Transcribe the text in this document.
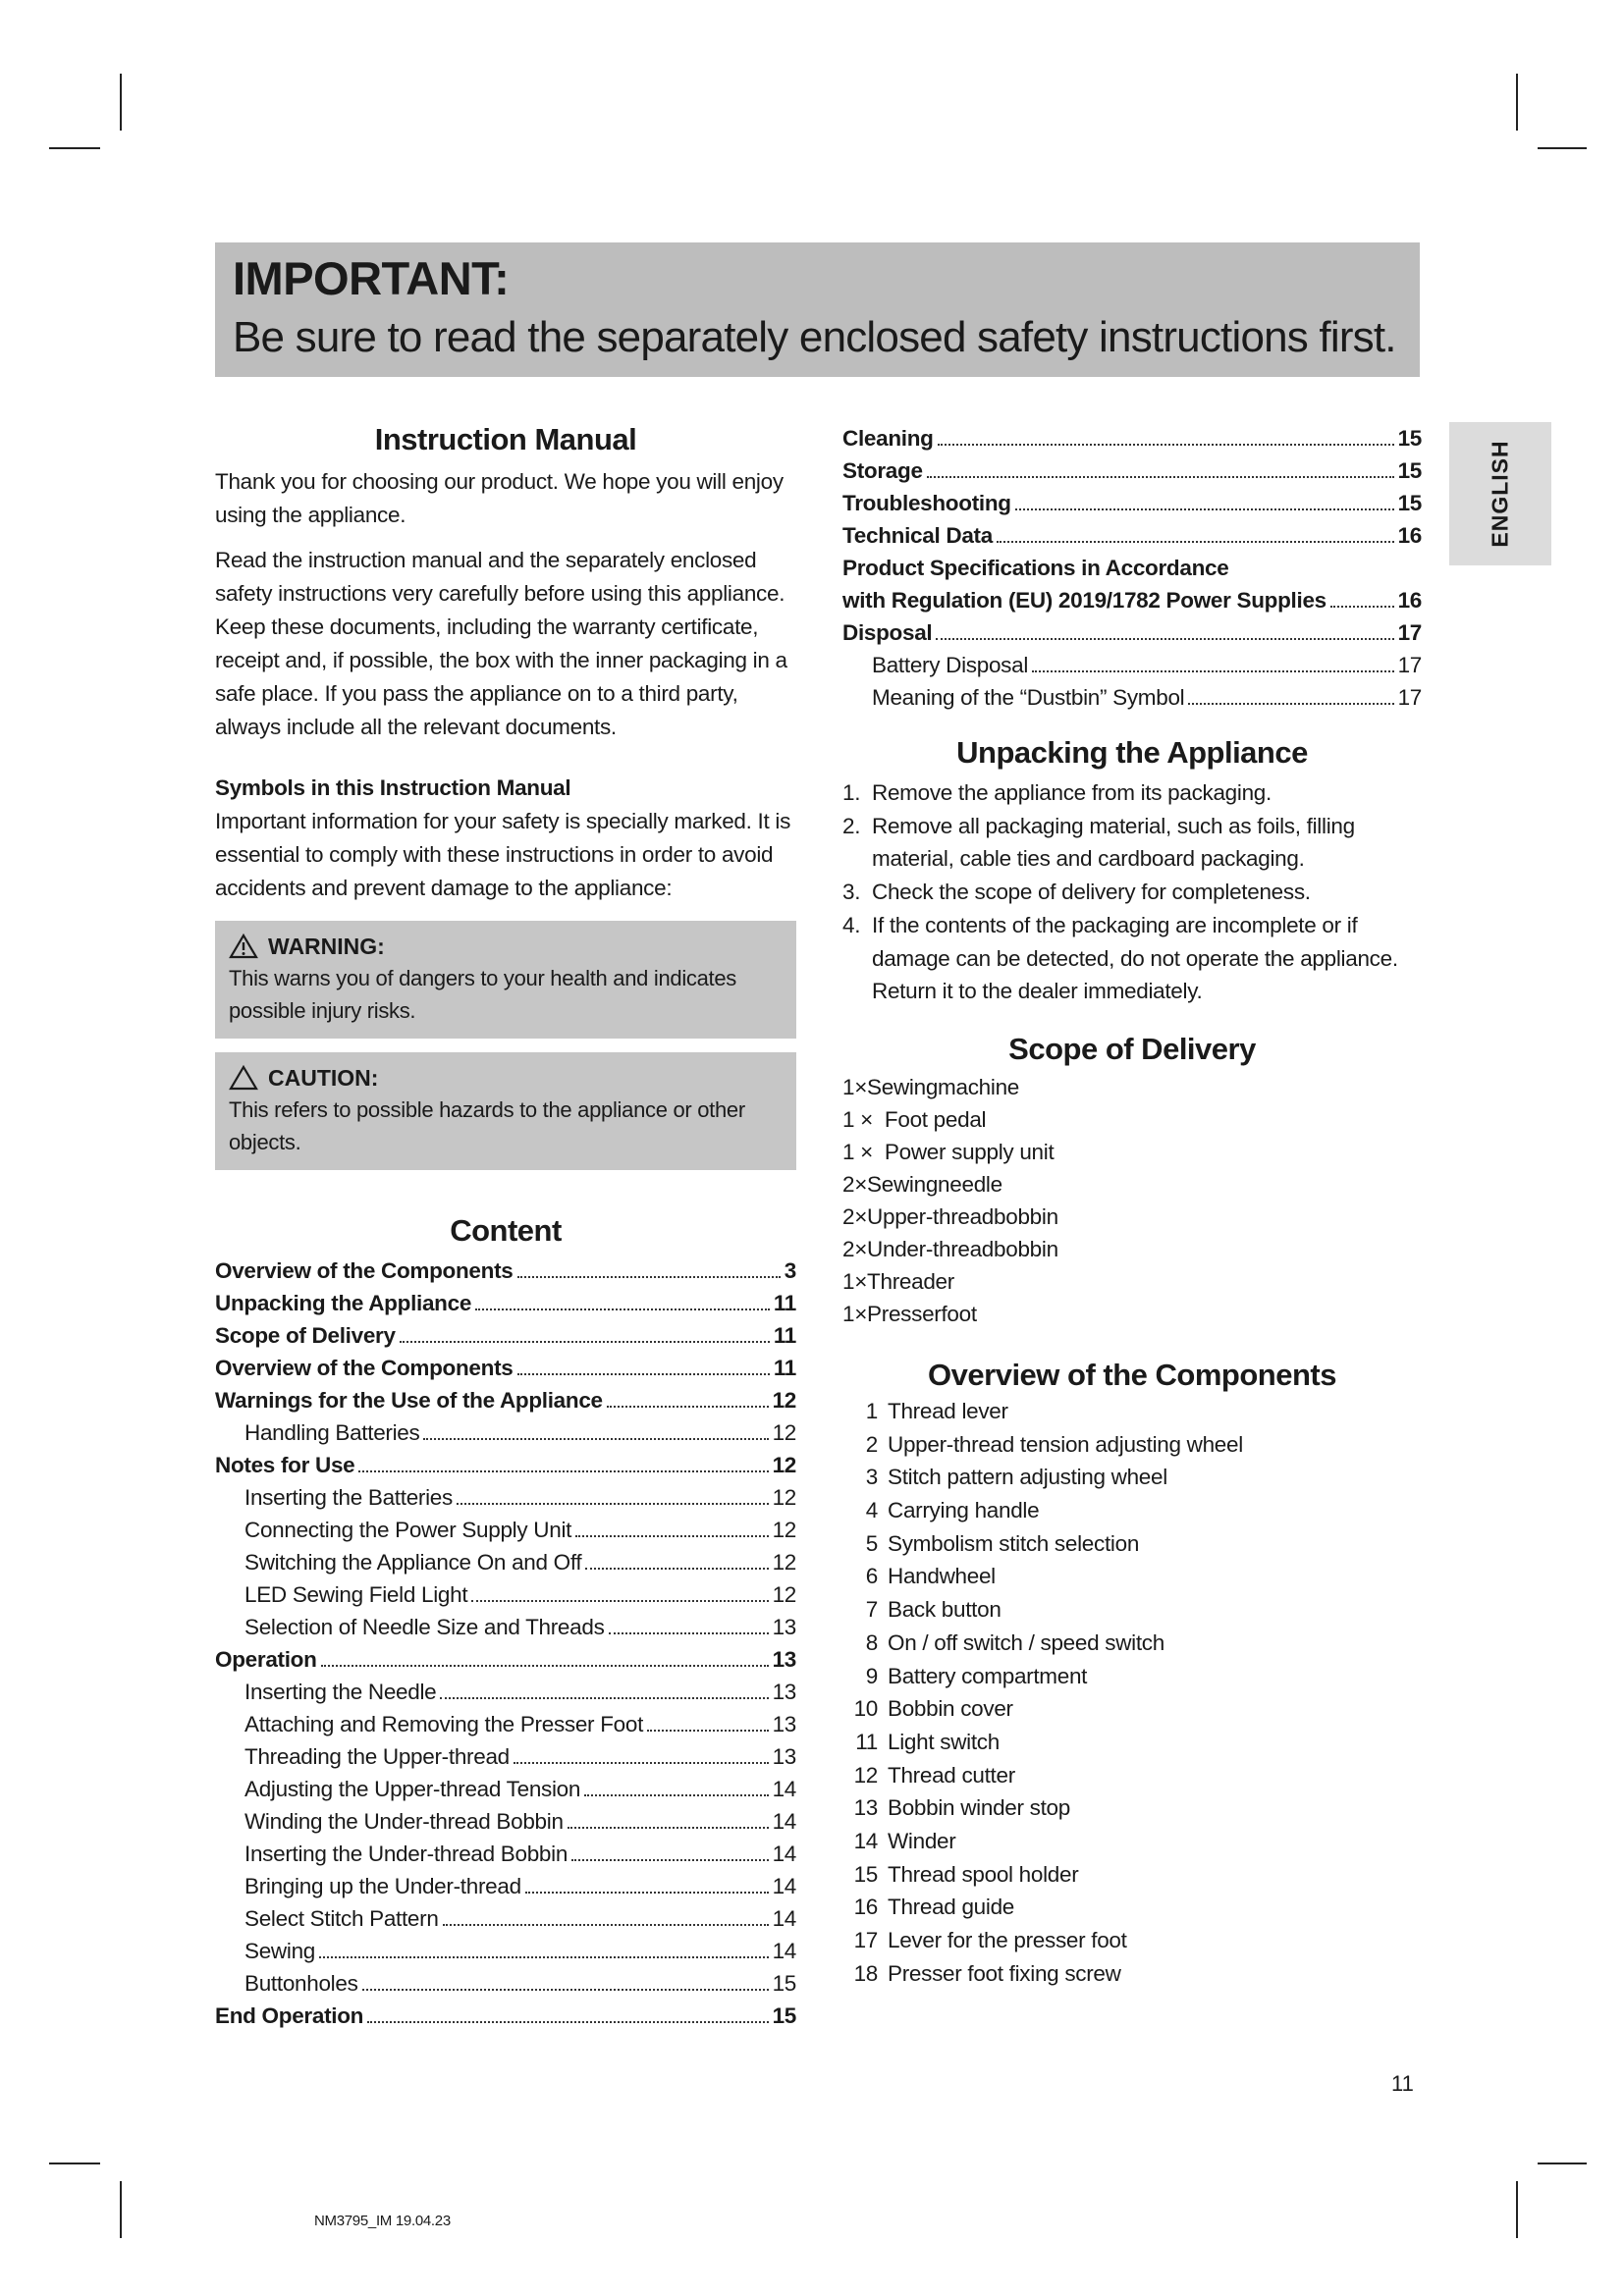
IMPORTANT:
Be sure to read the separately enclosed safety instructions first.
ENGLISH
Instruction Manual

Thank you for choosing our product. We hope you will enjoy using the appliance.

Read the instruction manual and the separately enclosed safety instructions very carefully before using this appliance. Keep these documents, including the warranty certificate, receipt and, if possible, the box with the inner packaging in a safe place. If you pass the appliance on to a third party, always include all the relevant documents.

Symbols in this Instruction Manual

Important information for your safety is specially marked. It is essential to comply with these instructions in order to avoid accidents and prevent damage to the appliance:

WARNING:
This warns you of dangers to your health and indicates possible injury risks.
CAUTION:
This refers to possible hazards to the appliance or other objects.
Content
Overview of the Components	3
Unpacking the Appliance	11
Scope of Delivery	11
Overview of the Components	11
Warnings for the Use of the Appliance	12
Handling Batteries	12
Notes for Use	12
Inserting the Batteries	12
Connecting the Power Supply Unit	12
Switching the Appliance On and Off	12
LED Sewing Field Light	12
Selection of Needle Size and Threads	13
Operation	13
Inserting the Needle	13
Attaching and Removing the Presser Foot	13
Threading the Upper-thread	13
Adjusting the Upper-thread Tension	14
Winding the Under-thread Bobbin	14
Inserting the Under-thread Bobbin	14
Bringing up the Under-thread	14
Select Stitch Pattern	14
Sewing	14
Buttonholes	15
End Operation	15
Cleaning	15
Storage	15
Troubleshooting	15
Technical Data	16
Product Specifications in Accordance
with Regulation (EU) 2019/1782 Power Supplies	16
Disposal	17
Battery Disposal	17
Meaning of the “Dustbin” Symbol	17
Unpacking the Appliance
1. Remove the appliance from its packaging.
2. Remove all packaging material, such as foils, filling material, cable ties and cardboard packaging.
3. Check the scope of delivery for completeness.
4. If the contents of the packaging are incomplete or if damage can be detected, do not operate the appliance. Return it to the dealer immediately.
Scope of Delivery
1×Sewingmachine
1 ×  Foot pedal
1 ×  Power supply unit
2×Sewingneedle
2×Upper-threadbobbin
2×Under-threadbobbin
1×Threader
1×Presserfoot
Overview of the Components
1 Thread lever
2 Upper-thread tension adjusting wheel
3 Stitch pattern adjusting wheel
4 Carrying handle
5 Symbolism stitch selection
6 Handwheel
7 Back button
8 On / off switch / speed switch
9 Battery compartment
10 Bobbin cover
11 Light switch
12 Thread cutter
13 Bobbin winder stop
14 Winder
15 Thread spool holder
16 Thread guide
17 Lever for the presser foot
18 Presser foot fixing screw
11
NM3795_IM 19.04.23
